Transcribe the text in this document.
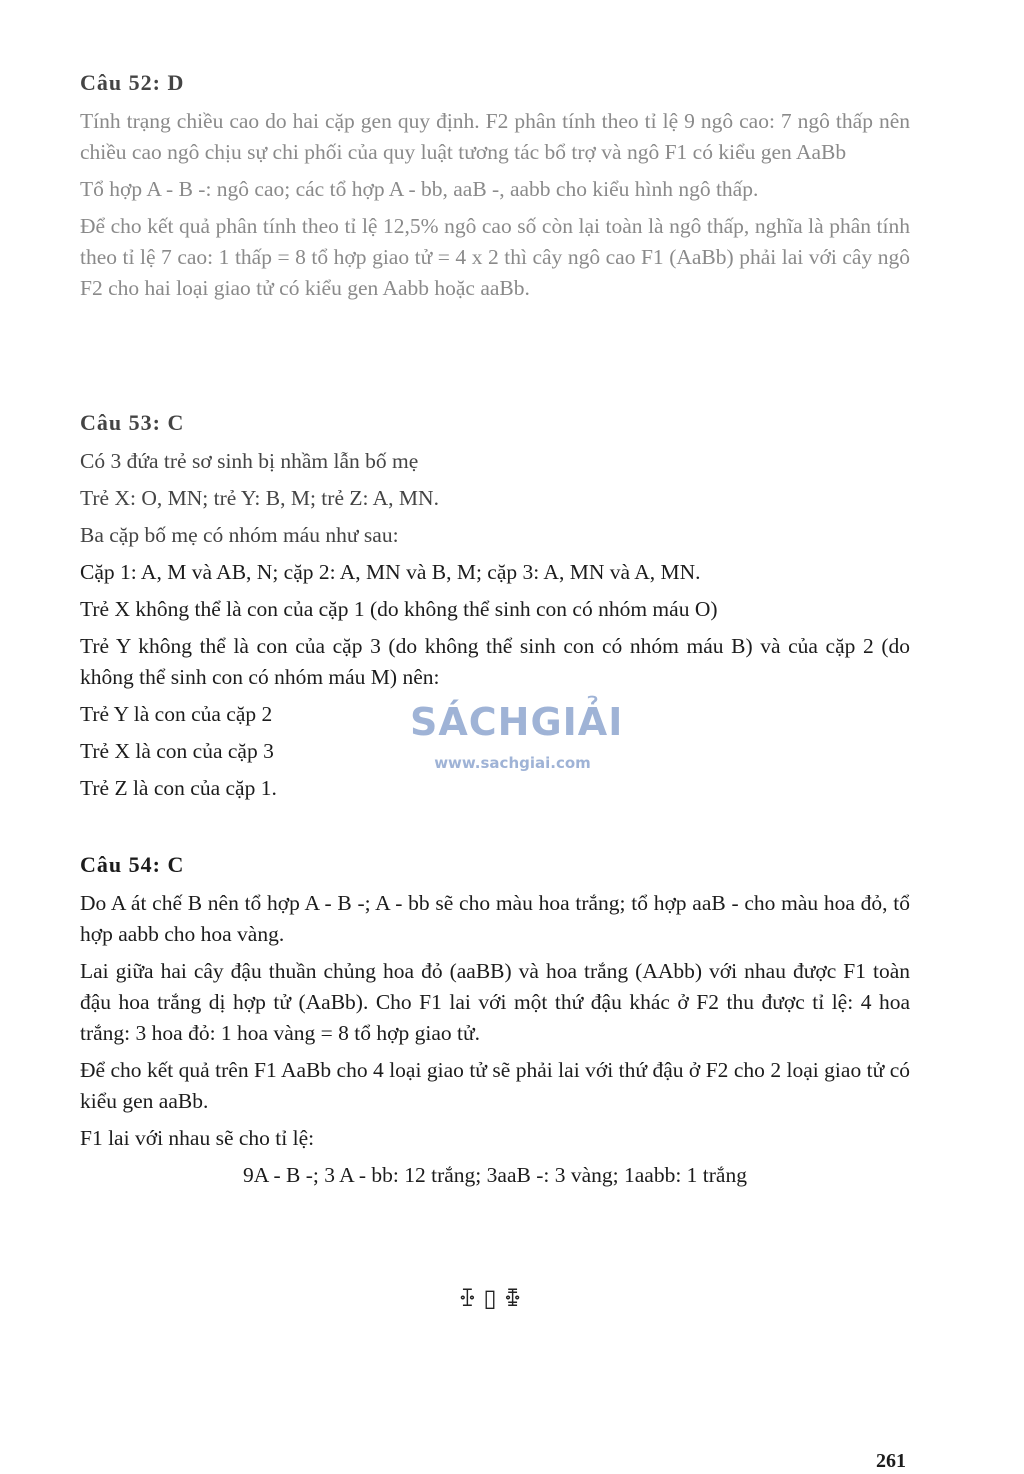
Câu 52: D

Tính trạng chiều cao do hai cặp gen quy định. F2 phân tính theo tỉ lệ 9 ngô cao: 7 ngô thấp nên chiều cao ngô chịu sự chi phối của quy luật tương tác bổ trợ và ngô F1 có kiểu gen AaBb

Tổ hợp A - B -: ngô cao; các tổ hợp A - bb, aaB -, aabb cho kiểu hình ngô thấp.

Để cho kết quả phân tính theo tỉ lệ 12,5% ngô cao số còn lại toàn là ngô thấp, nghĩa là phân tính theo tỉ lệ 7 cao: 1 thấp = 8 tổ hợp giao tử = 4 x 2 thì cây ngô cao F1 (AaBb) phải lai với cây ngô F2 cho hai loại giao tử có kiểu gen Aabb hoặc aaBb.

Câu 53: C

Có 3 đứa trẻ sơ sinh bị nhầm lẫn bố mẹ

Trẻ X: O, MN; trẻ Y: B, M; trẻ Z: A, MN.

Ba cặp bố mẹ có nhóm máu như sau:

Cặp 1: A, M và AB, N; cặp 2: A, MN và B, M; cặp 3: A, MN và A, MN.

Trẻ X không thể là con của cặp 1 (do không thể sinh con có nhóm máu O)

Trẻ Y không thể là con của cặp 3 (do không thể sinh con có nhóm máu B) và của cặp 2 (do không thể sinh con có nhóm máu M) nên:

Trẻ Y là con của cặp 2

Trẻ X là con của cặp 3

Trẻ Z là con của cặp 1.

SÁCHGIẢI
www.sachgiai.com
Câu 54: C

Do A át chế B nên tổ hợp A - B -; A - bb sẽ cho màu hoa trắng; tổ hợp aaB - cho màu hoa đỏ, tổ hợp aabb cho hoa vàng.

Lai giữa hai cây đậu thuần chủng hoa đỏ (aaBB) và hoa trắng (AAbb) với nhau được F1 toàn đậu hoa trắng dị hợp tử (AaBb). Cho F1 lai với một thứ đậu khác ở F2 thu được tỉ lệ: 4 hoa trắng: 3 hoa đỏ: 1 hoa vàng = 8 tổ hợp giao tử.

Để cho kết quả trên F1 AaBb cho 4 loại giao tử sẽ phải lai với thứ đậu ở F2 cho 2 loại giao tử có kiểu gen aaBb.

F1 lai với nhau sẽ cho tỉ lệ:

9A - B -; 3 A - bb: 12 trắng; 3aaB -: 3 vàng; 1aabb: 1 trắng

ꔀ ▯ ꔁ
261
